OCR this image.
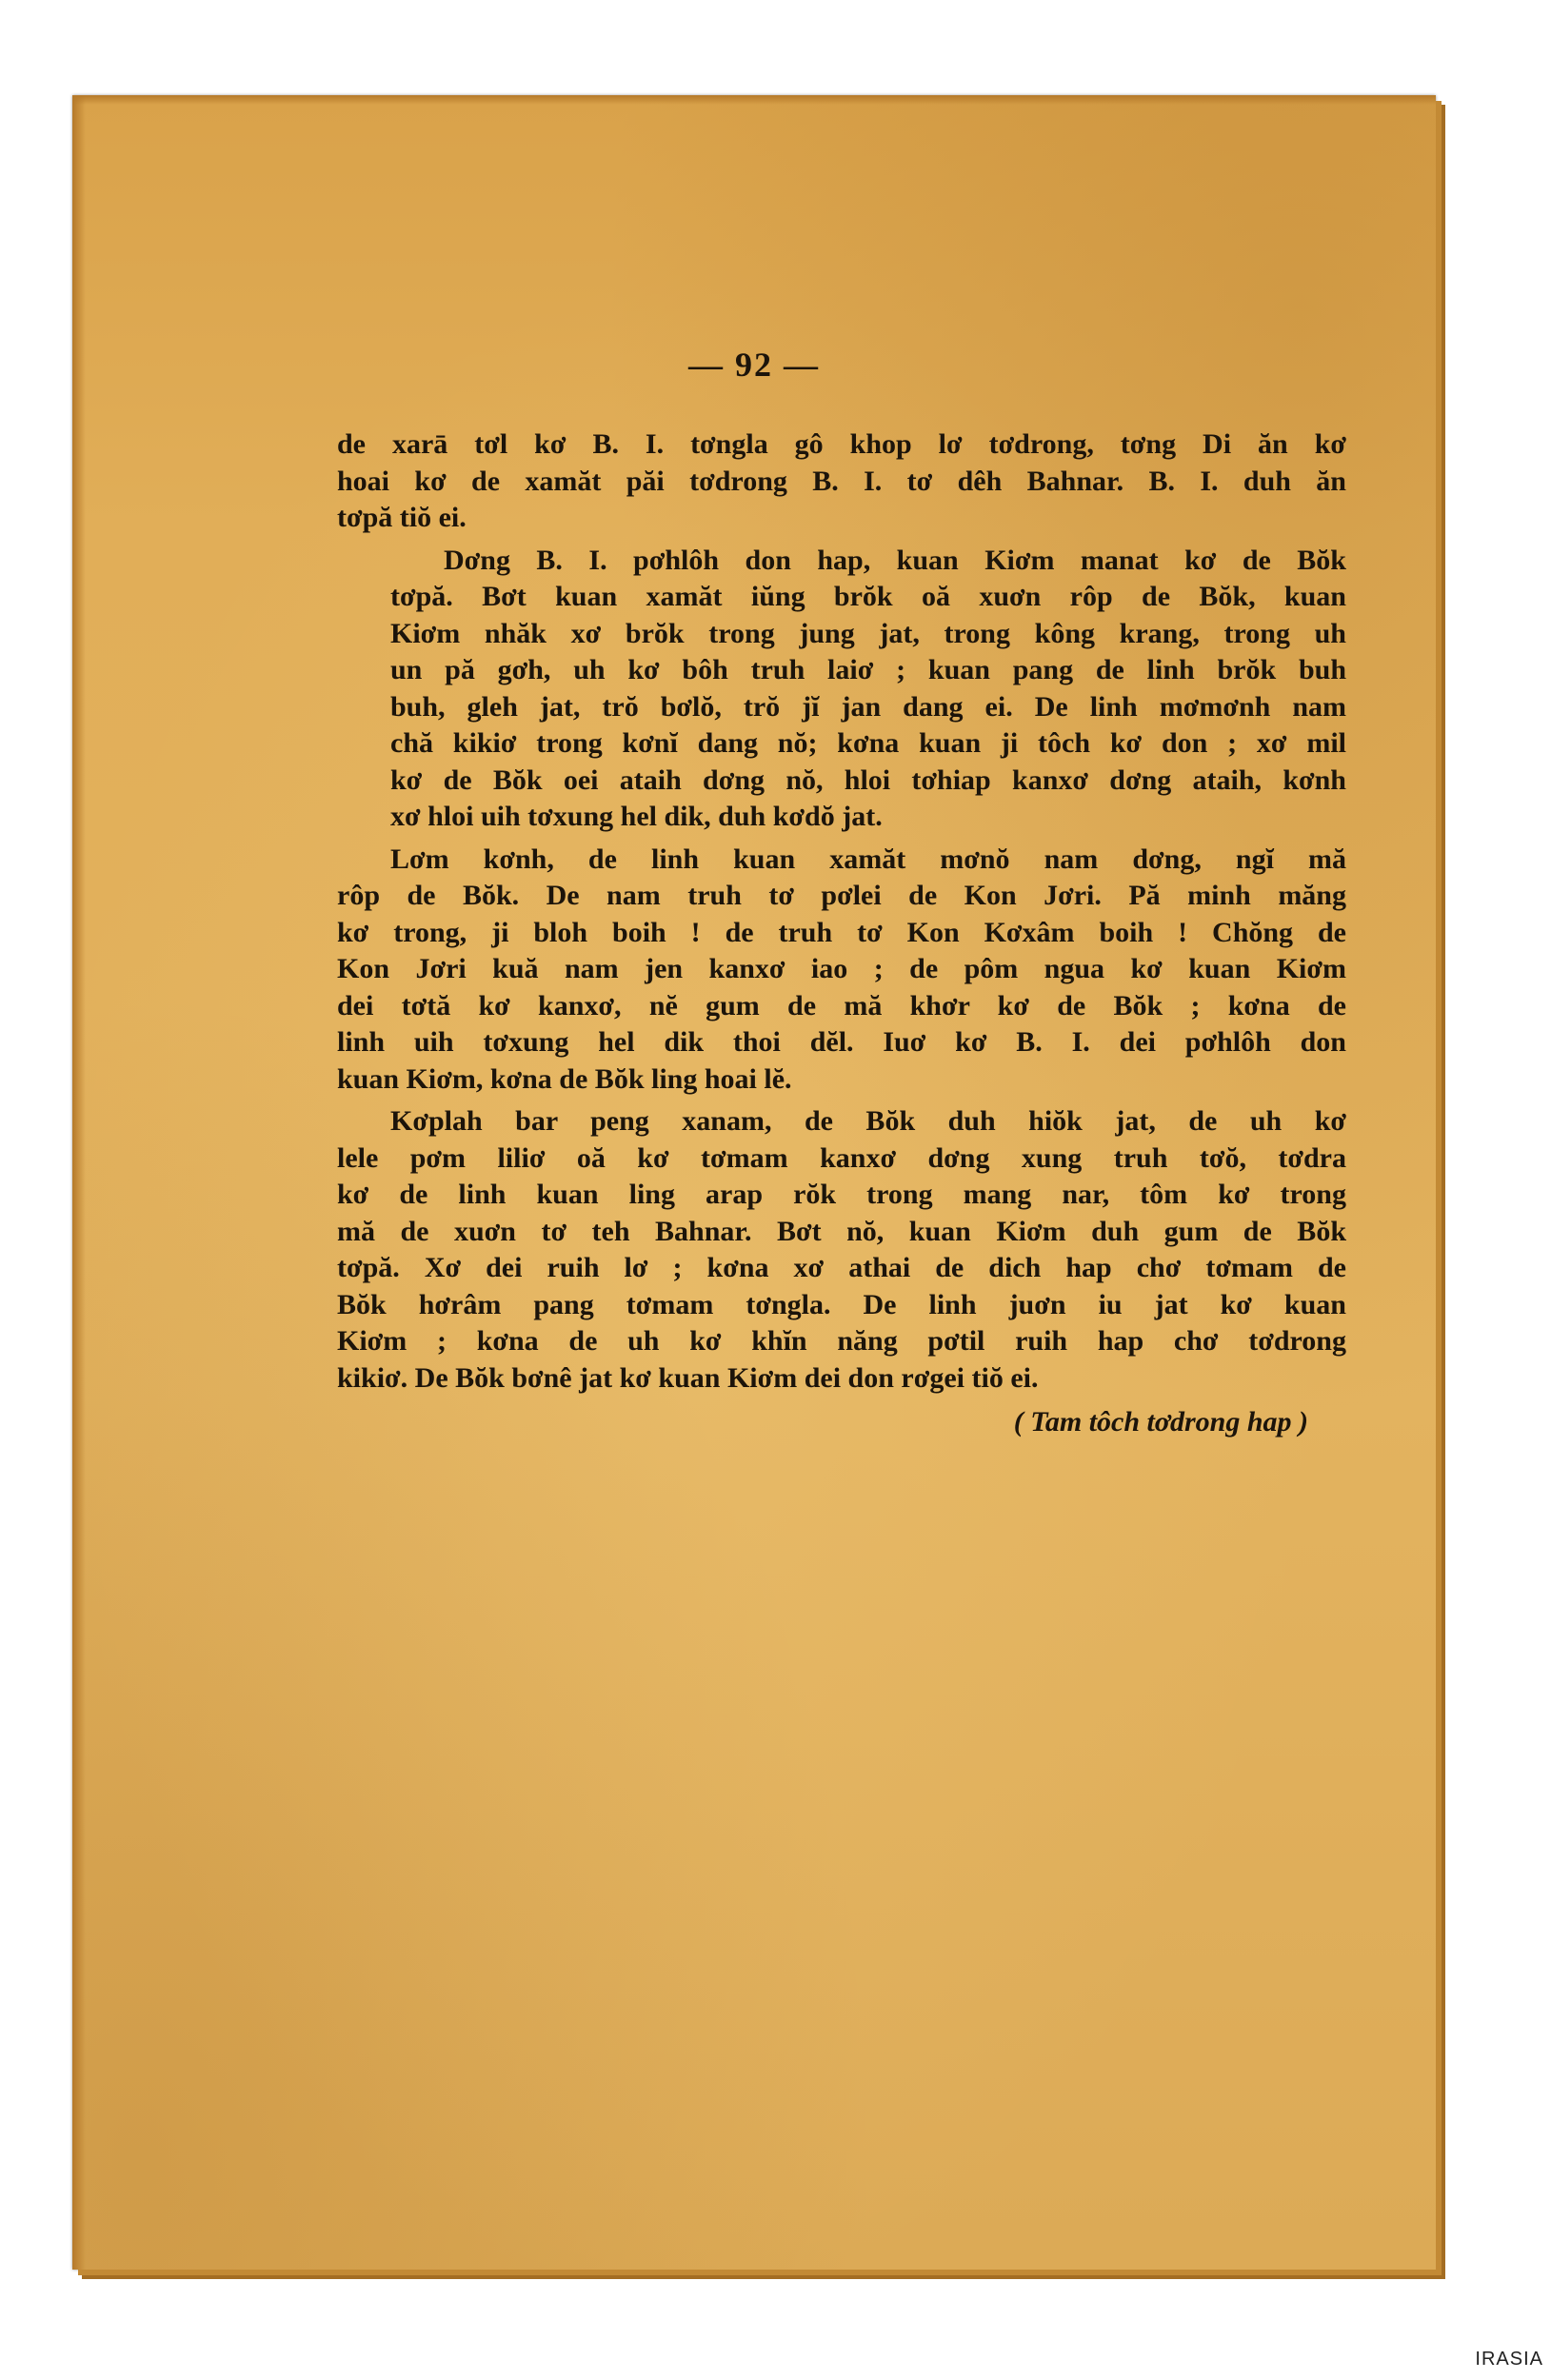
— 92 —
de xarā tơl kơ B. I. tơngla gô khop lơ tơdrong, tơng Di ăn kơ
hoai kơ de xamăt păi tơdrong B. I. tơ dêh Bahnar. B. I. duh ăn
tơpă tiŏ ei.
Dơng B. I. pơhlôh don hap, kuan Kiơm manat kơ de Bŏk
tơpă. Bơt kuan xamăt iŭng brŏk oă xuơn rôp de Bŏk, kuan
Kiơm nhăk xơ brŏk trong jung jat, trong kông krang, trong uh
un pă gơh, uh kơ bôh truh laiơ ; kuan pang de linh brŏk buh
buh, gleh jat, trŏ bơlŏ, trŏ jĭ jan dang ei. De linh mơmơnh nam
chă kikiơ trong kơnĭ dang nŏ; kơna kuan ji tôch kơ don ; xơ mil
kơ de Bŏk oei ataih dơng nŏ, hloi tơhiap kanxơ dơng ataih, kơnh
xơ hloi uih tơxung hel dik, duh kơdŏ jat.
Lơm kơnh, de linh kuan xamăt mơnŏ nam dơng, ngĭ mă
rôp de Bŏk. De nam truh tơ pơlei de Kon Jơri. Pă minh măng
kơ trong, ji bloh boih ! de truh tơ Kon Kơxâm boih ! Chŏng de
Kon Jơri kuă nam jen kanxơ iao ; de pôm ngua kơ kuan Kiơm
dei tơtă kơ kanxơ, nĕ gum de mă khơr kơ de Bŏk ; kơna de
linh uih tơxung hel dik thoi dĕl. Iuơ kơ B. I. dei pơhlôh don
kuan Kiơm, kơna de Bŏk ling hoai lĕ.
Kơplah bar peng xanam, de Bŏk duh hiŏk jat, de uh kơ
lele pơm liliơ oă kơ tơmam kanxơ dơng xung truh tơŏ, tơdra
kơ de linh kuan ling arap rŏk trong mang nar, tôm kơ trong
mă de xuơn tơ teh Bahnar. Bơt nŏ, kuan Kiơm duh gum de Bŏk
tơpă. Xơ dei ruih lơ ; kơna xơ athai de dich hap chơ tơmam de
Bŏk hơrâm pang tơmam tơngla. De linh juơn iu jat kơ kuan
Kiơm ; kơna de uh kơ khĭn năng pơtil ruih hap chơ tơdrong
kikiơ. De Bŏk bơnê jat kơ kuan Kiơm dei don rơgei tiŏ ei.
( Tam tôch tơdrong hap )
IRASIA
